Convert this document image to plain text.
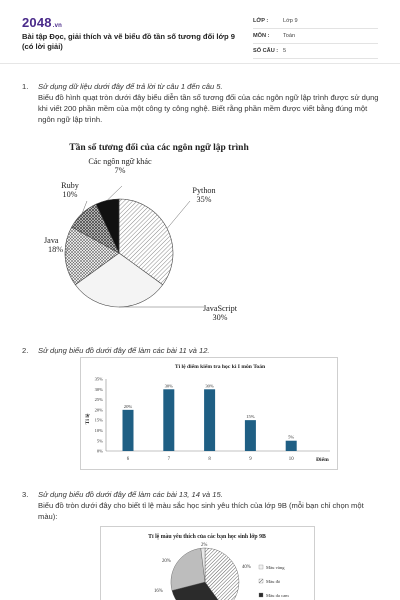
2048.vn
Bài tập Đọc, giải thích và vẽ biểu đồ tần số tương đối lớp 9 (có lời giải)
LỚP :	Lớp 9
MÔN :	Toán
SỐ CÂU : 5
1. Sử dụng dữ liệu dưới đây để trả lời từ câu 1 đến câu 5.
Biểu đồ hình quạt tròn dưới đây biểu diễn tần số tương đối của các ngôn ngữ lập trình được sử dụng khi viết 200 phần mềm của một công ty công nghệ. Biết rằng phần mềm được viết bằng đúng một ngôn ngữ lập trình.
Tần số tương đối của các ngôn ngữ lập trình
Python
35%
JavaScript
30%
Java
18%
Ruby
10%
Các ngôn ngữ khác
7%
2. Sử dụng biểu đồ dưới đây để làm các bài 11 và 12.
Tỉ lệ điểm kiểm tra học kì I môn Toán
0%
5%
10%
15%
20%
25%
30%
35%
20%
6
30%
7
30%
8
15%
9
5%
10
Tỉ lệ
Điểm
3. Sử dụng biểu đồ dưới đây để làm các bài 13, 14 và 15.
Biểu đồ tròn dưới đây cho biết tỉ lệ màu sắc học sinh yêu thích của lớp 9B (mỗi bạn chỉ chọn một màu):
Tỉ lệ màu yêu thích của các bạn học sinh lớp 9B
2%
40%
20%
16%
Màu vàng
Màu đỏ
Màu da cam
